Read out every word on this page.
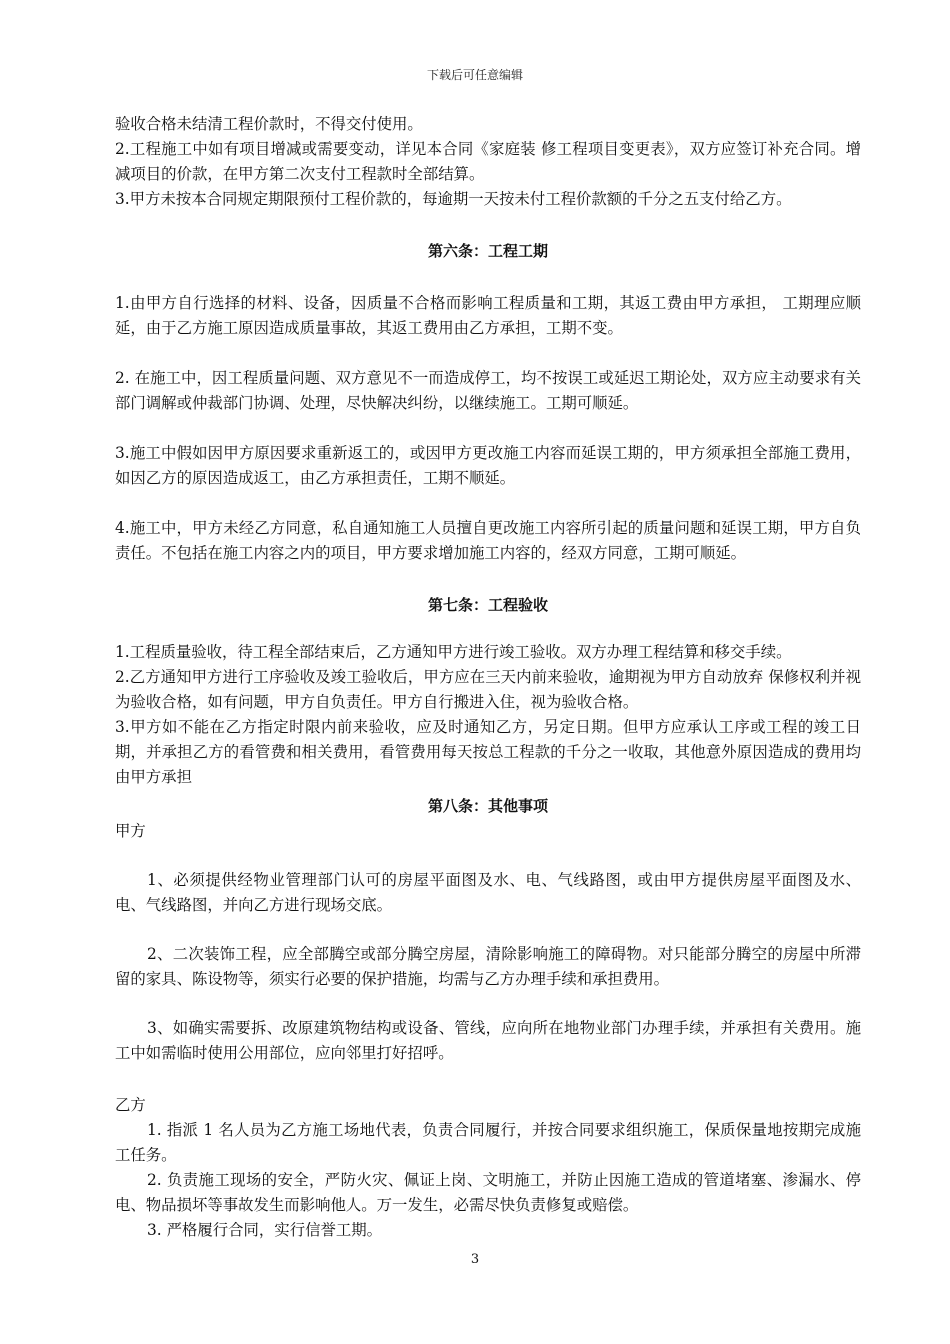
下载后可任意编辑

验收合格未结清工程价款时，不得交付使用。

2.工程施工中如有项目增减或需要变动，详见本合同《家庭装 修工程项目变更表》，双方应签订补充合同。增减项目的价款，在甲方第二次支付工程款时全部结算。

3.甲方未按本合同规定期限预付工程价款的，每逾期一天按未付工程价款额的千分之五支付给乙方。

第六条：工程工期

1.由甲方自行选择的材料、设备，因质量不合格而影响工程质量和工期，其返工费由甲方承担， 工期理应顺延，由于乙方施工原因造成质量事故，其返工费用由乙方承担，工期不变。

2. 在施工中，因工程质量问题、双方意见不一而造成停工，均不按误工或延迟工期论处，双方应主动要求有关部门调解或仲裁部门协调、处理，尽快解决纠纷，以继续施工。工期可顺延。

3.施工中假如因甲方原因要求重新返工的，或因甲方更改施工内容而延误工期的，甲方须承担全部施工费用，如因乙方的原因造成返工，由乙方承担责任，工期不顺延。

4.施工中，甲方未经乙方同意，私自通知施工人员擅自更改施工内容所引起的质量问题和延误工期，甲方自负责任。不包括在施工内容之内的项目，甲方要求增加施工内容的，经双方同意，工期可顺延。

第七条：工程验收

1.工程质量验收，待工程全部结束后，乙方通知甲方进行竣工验收。双方办理工程结算和移交手续。

2.乙方通知甲方进行工序验收及竣工验收后，甲方应在三天内前来验收，逾期视为甲方自动放弃 保修权利并视为验收合格，如有问题，甲方自负责任。甲方自行搬进入住，视为验收合格。

3.甲方如不能在乙方指定时限内前来验收，应及时通知乙方，另定日期。但甲方应承认工序或工程的竣工日期，并承担乙方的看管费和相关费用，看管费用每天按总工程款的千分之一收取，其他意外原因造成的费用均由甲方承担

第八条：其他事项

甲方

1、必须提供经物业管理部门认可的房屋平面图及水、电、气线路图，或由甲方提供房屋平面图及水、电、气线路图，并向乙方进行现场交底。

2、二次装饰工程，应全部腾空或部分腾空房屋，清除影响施工的障碍物。对只能部分腾空的房屋中所滞留的家具、陈设物等，须实行必要的保护措施，均需与乙方办理手续和承担费用。

3、如确实需要拆、改原建筑物结构或设备、管线，应向所在地物业部门办理手续，并承担有关费用。施工中如需临时使用公用部位，应向邻里打好招呼。

乙方

1. 指派 1 名人员为乙方施工场地代表，负责合同履行，并按合同要求组织施工，保质保量地按期完成施工任务。

2. 负责施工现场的安全，严防火灾、佩证上岗、文明施工，并防止因施工造成的管道堵塞、渗漏水、停电、物品损坏等事故发生而影响他人。万一发生，必需尽快负责修复或赔偿。

3. 严格履行合同，实行信誉工期。

3
